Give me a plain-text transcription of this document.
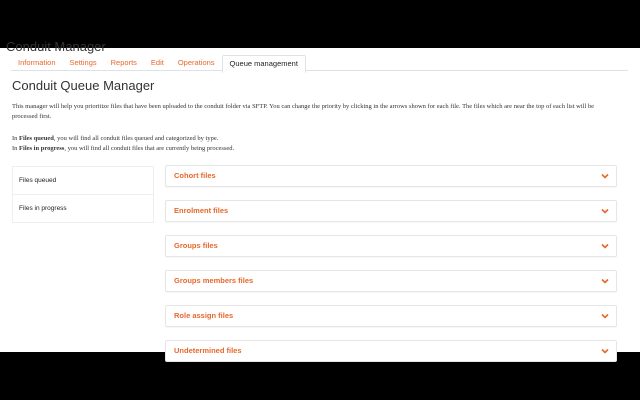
Conduit Manager
Information	Settings	Reports	Edit	Operations	Queue management
Conduit Queue Manager
This manager will help you prioritize files that have been uploaded to the conduit folder via SFTP. You can change the priority by clicking in the arrows shown for each file. The files which are near the top of each list will be processed first.
In Files queued, you will find all conduit files queued and categorized by type.
In Files in progress, you will find all conduit files that are currently being processed.
Files queued
Files in progress
Cohort files
Enrolment files
Groups files
Groups members files
Role assign files
Undetermined files
